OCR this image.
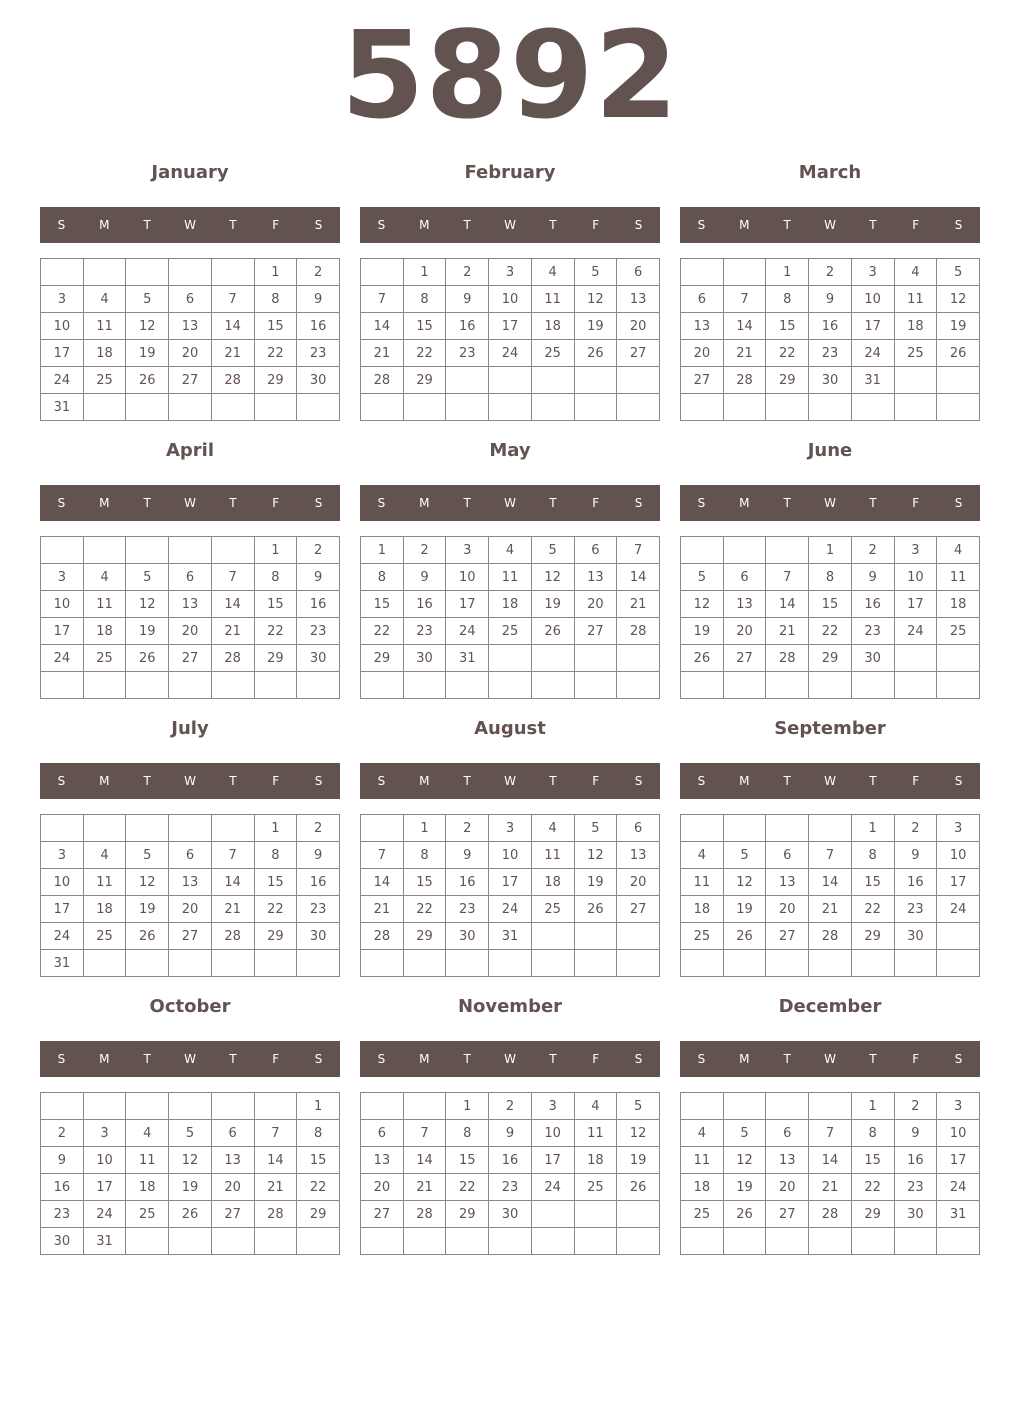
5892
January
S	M	T	W	T	F	S
					1	2
3	4	5	6	7	8	9
10	11	12	13	14	15	16
17	18	19	20	21	22	23
24	25	26	27	28	29	30
31						
February
S	M	T	W	T	F	S
	1	2	3	4	5	6
7	8	9	10	11	12	13
14	15	16	17	18	19	20
21	22	23	24	25	26	27
28	29					

March
S	M	T	W	T	F	S
		1	2	3	4	5
6	7	8	9	10	11	12
13	14	15	16	17	18	19
20	21	22	23	24	25	26
27	28	29	30	31		

April
S	M	T	W	T	F	S
					1	2
3	4	5	6	7	8	9
10	11	12	13	14	15	16
17	18	19	20	21	22	23
24	25	26	27	28	29	30

May
S	M	T	W	T	F	S
1	2	3	4	5	6	7
8	9	10	11	12	13	14
15	16	17	18	19	20	21
22	23	24	25	26	27	28
29	30	31				

June
S	M	T	W	T	F	S
			1	2	3	4
5	6	7	8	9	10	11
12	13	14	15	16	17	18
19	20	21	22	23	24	25
26	27	28	29	30		

July
S	M	T	W	T	F	S
					1	2
3	4	5	6	7	8	9
10	11	12	13	14	15	16
17	18	19	20	21	22	23
24	25	26	27	28	29	30
31						
August
S	M	T	W	T	F	S
	1	2	3	4	5	6
7	8	9	10	11	12	13
14	15	16	17	18	19	20
21	22	23	24	25	26	27
28	29	30	31			

September
S	M	T	W	T	F	S
				1	2	3
4	5	6	7	8	9	10
11	12	13	14	15	16	17
18	19	20	21	22	23	24
25	26	27	28	29	30	

October
S	M	T	W	T	F	S
						1
2	3	4	5	6	7	8
9	10	11	12	13	14	15
16	17	18	19	20	21	22
23	24	25	26	27	28	29
30	31					
November
S	M	T	W	T	F	S
		1	2	3	4	5
6	7	8	9	10	11	12
13	14	15	16	17	18	19
20	21	22	23	24	25	26
27	28	29	30			

December
S	M	T	W	T	F	S
				1	2	3
4	5	6	7	8	9	10
11	12	13	14	15	16	17
18	19	20	21	22	23	24
25	26	27	28	29	30	31
